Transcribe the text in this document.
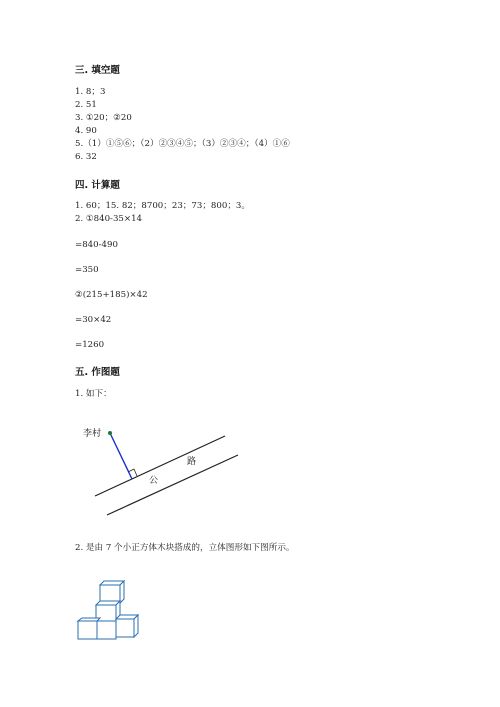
三. 填空题
1. 8；3
2. 51
3. ①20；②20
4. 90
5.（1）①⑤⑥；（2）②③④⑤；（3）②③④；（4）①⑥
6. 32
四. 计算题
1. 60；15. 82；8700；23；73；800；3。
2. ①840-35×14
=840-490
=350
②(215+185)×42
=30×42
=1260
五. 作图题
1. 如下：
李村
公
路
2. 是由 7 个小正方体木块搭成的，立体图形如下图所示。
